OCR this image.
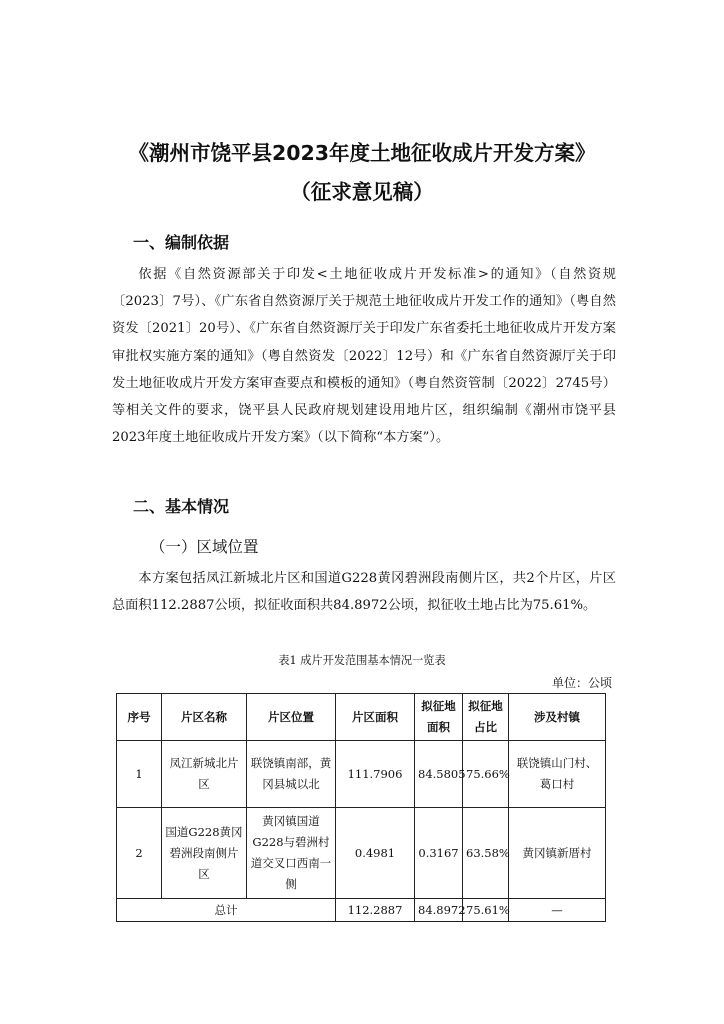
《潮州市饶平县2023年度土地征收成片开发方案》
（征求意见稿）
一、编制依据

依据《自然资源部关于印发<土地征收成片开发标准>的通知》（自然资规〔2023〕7号）、《广东省自然资源厅关于规范土地征收成片开发工作的通知》（粤自然资发〔2021〕20号）、《广东省自然资源厅关于印发广东省委托土地征收成片开发方案审批权实施方案的通知》（粤自然资发〔2022〕12号）和《广东省自然资源厅关于印发土地征收成片开发方案审查要点和模板的通知》（粤自然资管制〔2022〕2745号）等相关文件的要求，饶平县人民政府规划建设用地片区，组织编制《潮州市饶平县2023年度土地征收成片开发方案》（以下简称“本方案”）。

二、基本情况
（一）区域位置

本方案包括凤江新城北片区和国道G228黄冈碧洲段南侧片区，共2个片区，片区总面积112.2887公顷，拟征收面积共84.8972公顷，拟征收土地占比为75.61%。

表1 成片开发范围基本情况一览表
单位：公顷
序号	片区名称	片区位置	片区面积	拟征地面积	拟征地占比	涉及村镇
1	凤江新城北片区	联饶镇南部，黄冈县城以北	111.7906	84.5805	75.66%	联饶镇山门村、葛口村
2	国道G228黄冈碧洲段南侧片区	黄冈镇国道G228与碧洲村道交叉口西南一侧	0.4981	0.3167	63.58%	黄冈镇新厝村
总计			112.2887	84.8972	75.61%	—
